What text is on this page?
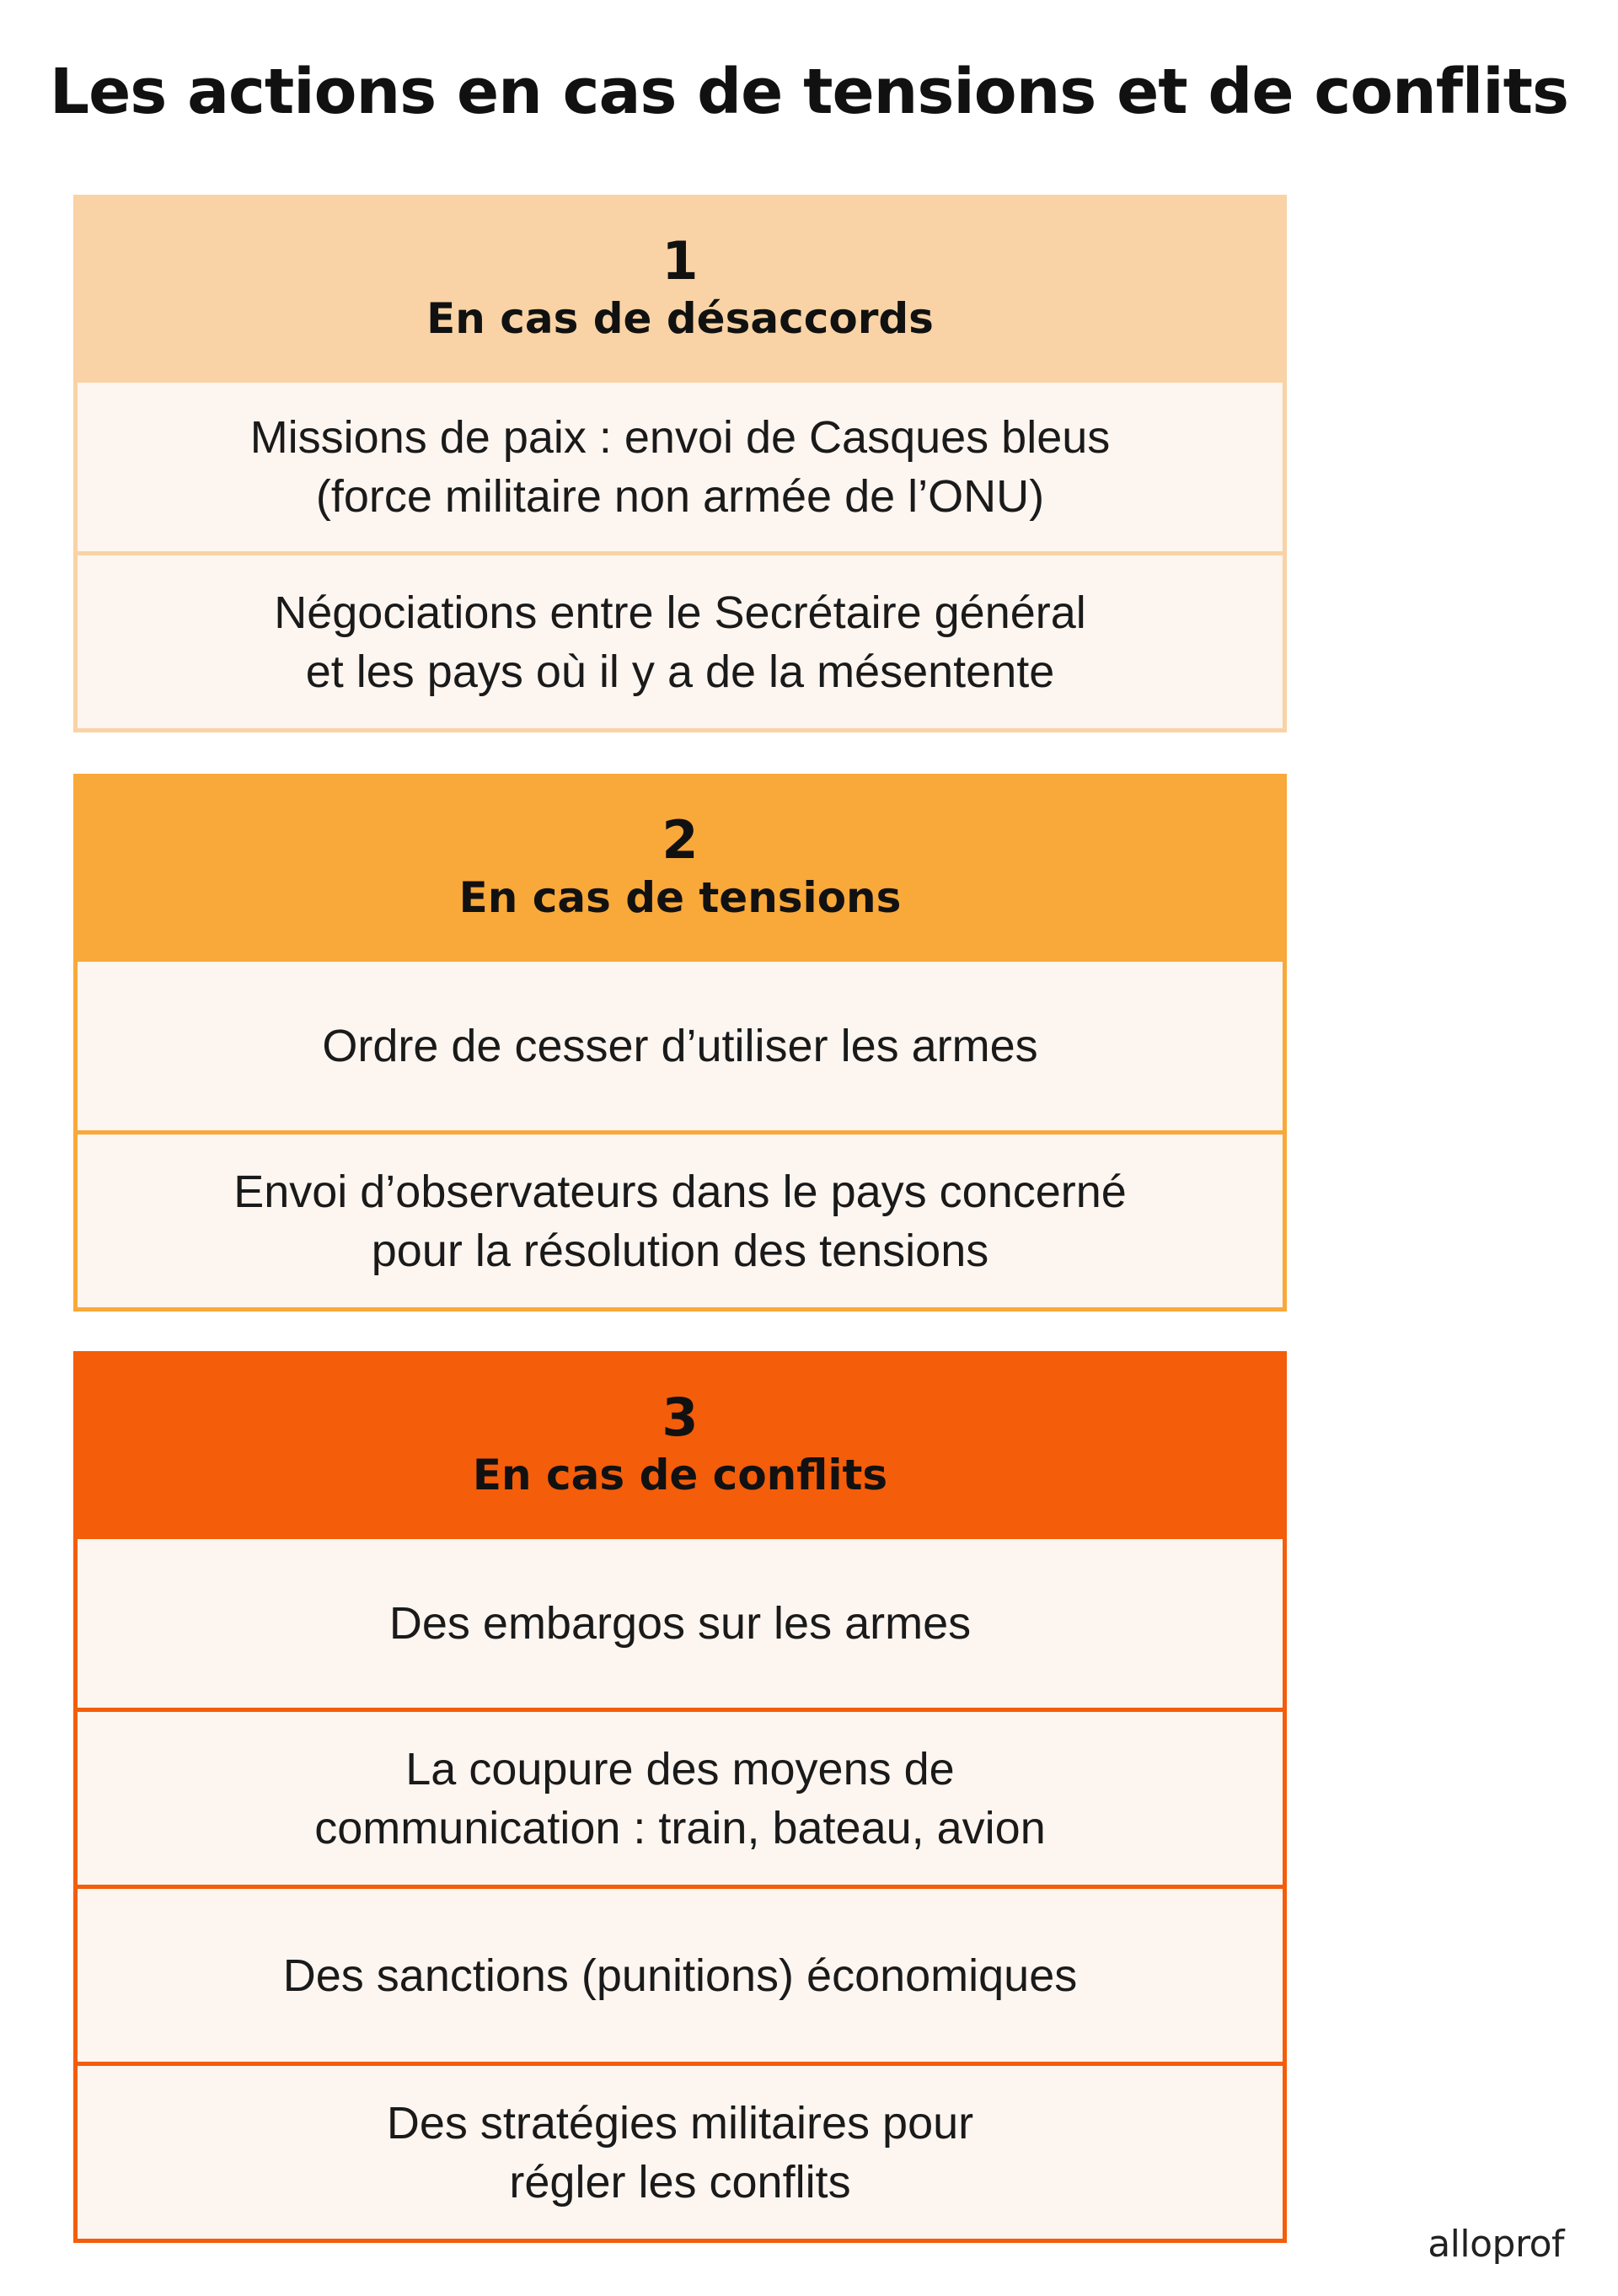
Les actions en cas de tensions et de conflits
1
En cas de désaccords
Missions de paix : envoi de Casques bleus
(force militaire non armée de l’ONU)
Négociations entre le Secrétaire général
et les pays où il y a de la mésentente
2
En cas de tensions
Ordre de cesser d’utiliser les armes
Envoi d’observateurs dans le pays concerné
pour la résolution des tensions
3
En cas de conflits
Des embargos sur les armes
La coupure des moyens de
communication : train, bateau, avion
Des sanctions (punitions) économiques
Des stratégies militaires pour
régler les conflits
alloprof
